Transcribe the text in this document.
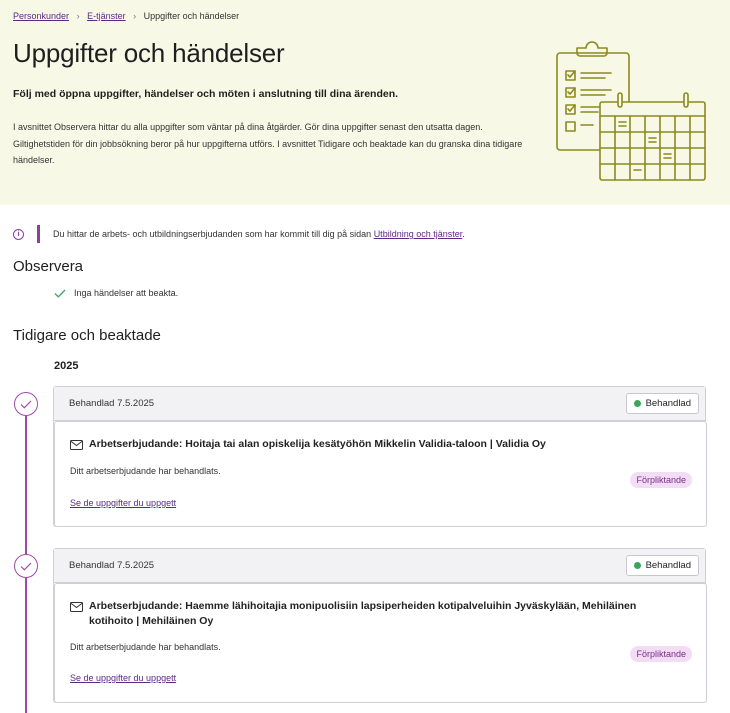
Personkunder › E-tjänster › Uppgifter och händelser
Uppgifter och händelser

Följ med öppna uppgifter, händelser och möten i anslutning till dina ärenden.

I avsnittet Observera hittar du alla uppgifter som väntar på dina åtgärder. Gör dina uppgifter senast den utsatta dagen. Giltighetstiden för din jobbsökning beror på hur uppgifterna utförs. I avsnittet Tidigare och beaktade kan du granska dina tidigare händelser.

i	Du hittar de arbets- och utbildningserbjudanden som har kommit till dig på sidan Utbildning och tjänster.
Observera
Inga händelser att beakta.
Tidigare och beaktade
2025
Behandlad 7.5.2025	Behandlad
Arbetserbjudande: Hoitaja tai alan opiskelija kesätyöhön Mikkelin Validia-taloon | Validia Oy
Ditt arbetserbjudande har behandlats.
Förpliktande
Se de uppgifter du uppgett
Behandlad 7.5.2025	Behandlad
Arbetserbjudande: Haemme lähihoitajia monipuolisiin lapsiperheiden kotipalveluihin Jyväskylään, Mehiläinen kotihoito | Mehiläinen Oy
Ditt arbetserbjudande har behandlats.
Förpliktande
Se de uppgifter du uppgett
